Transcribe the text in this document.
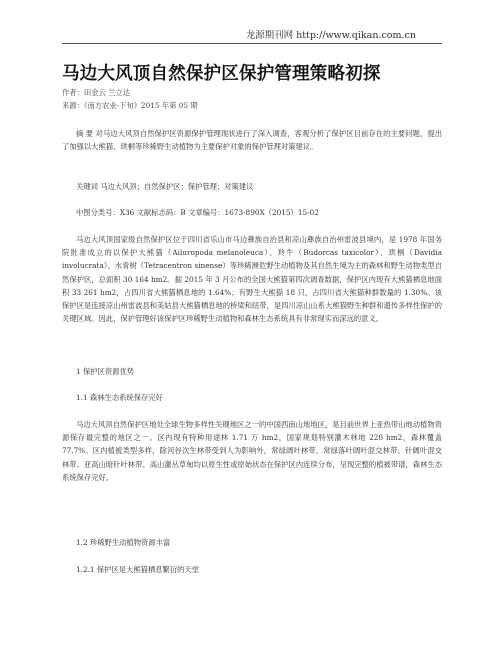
龙源期刊网 http://www.qikan.com.cn
马边大风顶自然保护区保护管理策略初探
作者：田金云 兰立达
来源：《南方农业·下旬》2015 年第 05 期

摘 要 对马边大风顶自然保护区资源保护管理现状进行了深入调查，客观分析了保护区目前存在的主要问题，提出了加强以大熊猫、珙桐等珍稀野生动植物为主要保护对象的保护管理对策建议。

关键词 马边大风顶；自然保护区；保护管理；对策建议
中图分类号：X36 文献标志码：B 文章编号：1673-890X（2015）15-02

马边大风顶国家级自然保护区位于四川省乐山市马边彝族自治县和凉山彝族自治州雷波县境内，是 1978 年国务院批准成立的以保护大熊猫（Ailuropoda melanoleuca）、羚牛（Budorcas taxicolor）、珙桐（Davidia involucrata）、水青树（Tetracentron sinense）等珍稀濒危野生动植物及其自然生境为主的森林和野生动物类型自然保护区，总面积 30 164 hm2。据 2015 年 3 月公布的全国大熊猫第四次调查数据，保护区内现有大熊猫栖息地面积 33 261 hm2，占四川省大熊猫栖息地的 1.64%；有野生大熊猫 18 只，占四川省大熊猫种群数量的 1.30%。该保护区是连接凉山州雷波县和美姑县大熊猫栖息地的桥梁和纽带，是四川凉山山系大熊猫野生种群和遗传多样性保护的关键区域。因此，保护管理好该保护区珍稀野生动植物和森林生态系统具有非常现实而深远的意义。

1 保护区资源优势
1.1 森林生态系统保存完好

马边大风顶自然保护区地处全球生物多样性关键地区之一的中国西南山地地区，是目前世界上亚热带山地动植物资源保存最完整的地区之一。区内现有特种用途林 1.71 万 hm2，国家规划特别灌木林地 220 hm2，森林覆盖 77.7%。区内植被类型多样，除河谷次生林带受到人为影响外，常绿阔叶林带、常绿落叶阔叶混交林带、针阔叶混交林带、亚高山暗针叶林带、高山灌丛草甸均以原生性或原始状态在保护区内连续分布，呈现完整的植被带谱，森林生态系统保存完好。

1.2 珍稀野生动植物资源丰富
1.2.1 保护区是大熊猫栖息繁衍的天堂
